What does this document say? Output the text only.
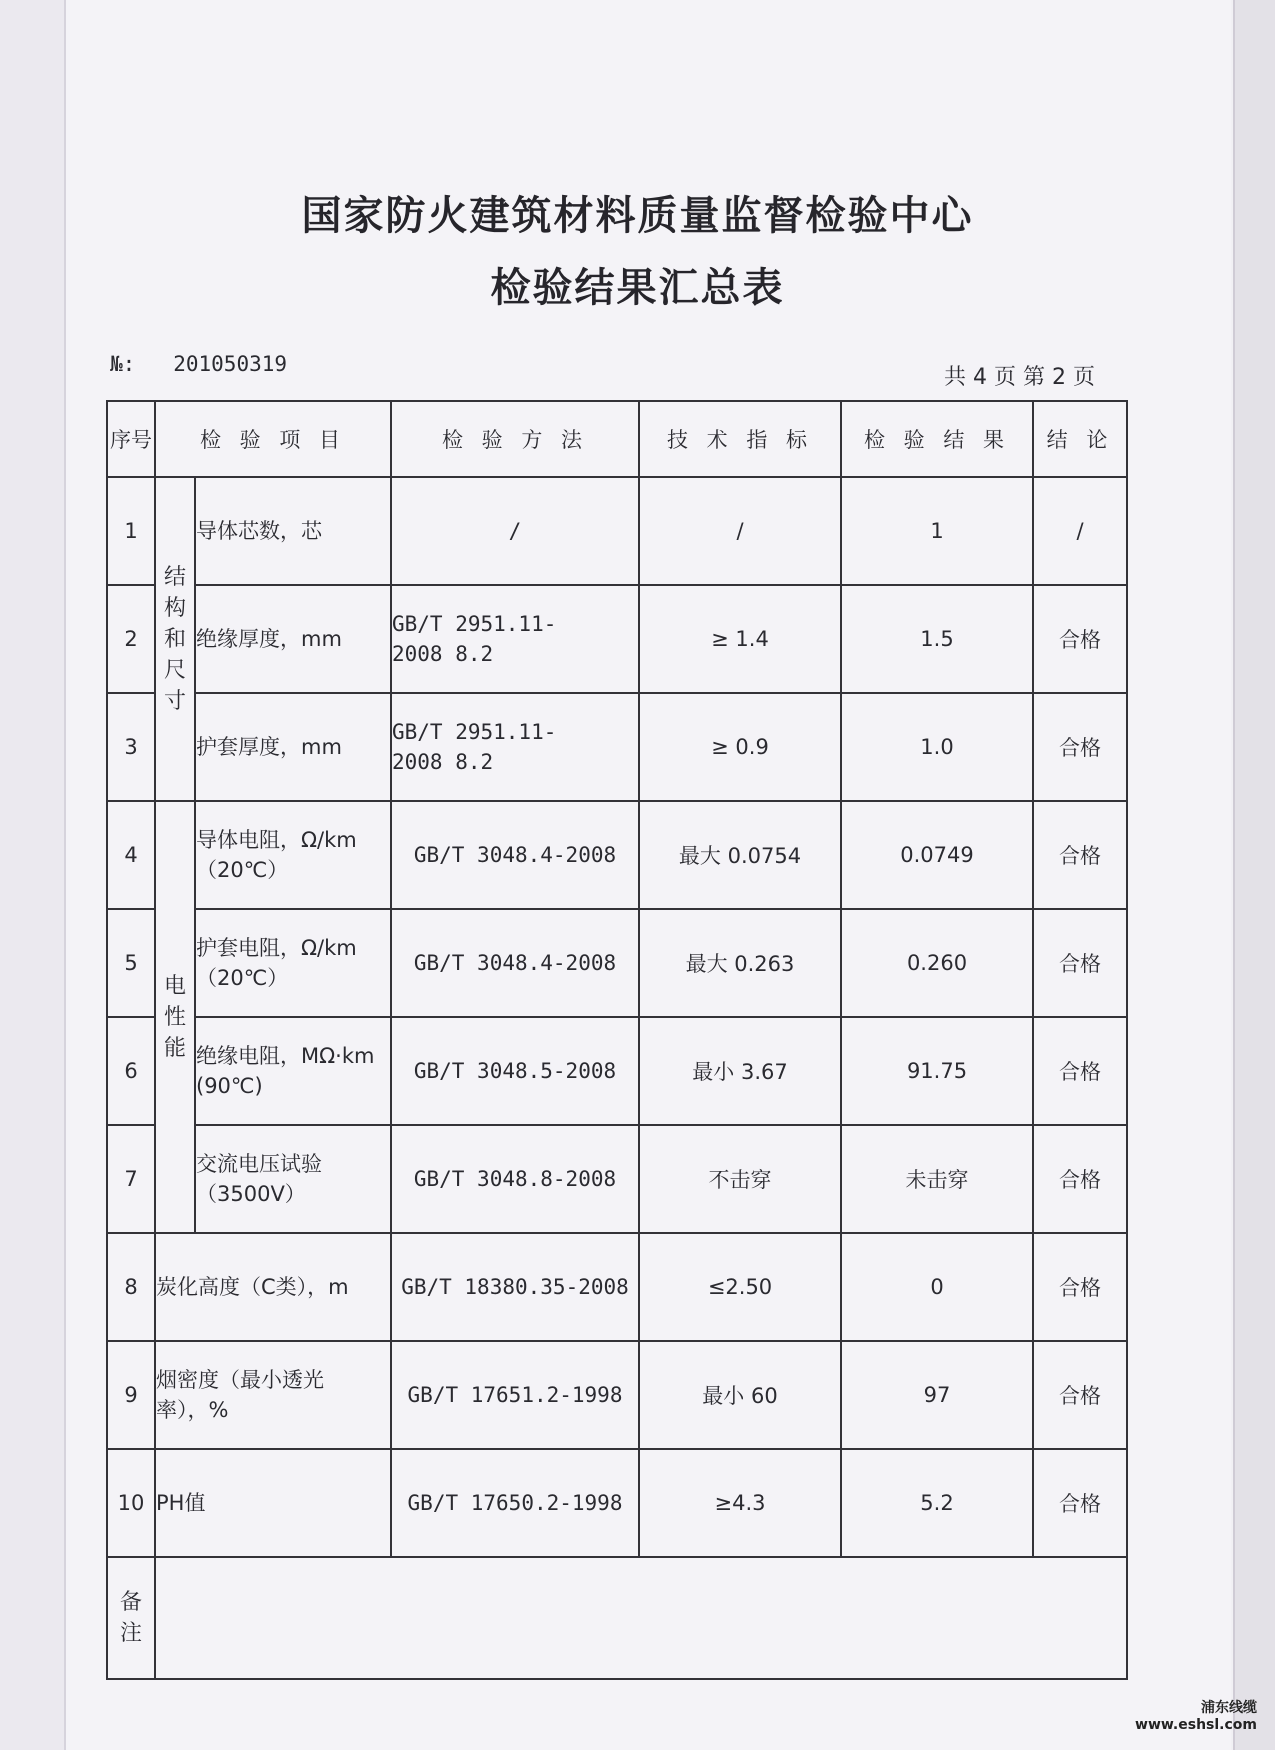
国家防火建筑材料质量监督检验中心
检验结果汇总表
№: 201050319
共 4 页 第 2 页
序号	检 验 项 目		检 验 方 法	技 术 指 标	检 验 结 果	结 论
1	结构和尺寸	导体芯数，芯	/	/	1	/
2		绝缘厚度，mm	GB/T 2951.11-2008 8.2	≥ 1.4	1.5	合格
3		护套厚度，mm	GB/T 2951.11-2008 8.2	≥ 0.9	1.0	合格
4	电性能	导体电阻，Ω/km（20℃）	GB/T 3048.4-2008	最大 0.0754	0.0749	合格
5		护套电阻，Ω/km（20℃）	GB/T 3048.4-2008	最大 0.263	0.260	合格
6		绝缘电阻，MΩ·km (90℃)	GB/T 3048.5-2008	最小 3.67	91.75	合格
7		交流电压试验（3500V）	GB/T 3048.8-2008	不击穿	未击穿	合格
8	炭化高度（C类），m		GB/T 18380.35-2008	≤2.50	0	合格
9	烟密度（最小透光率），%		GB/T 17651.2-1998	最小 60	97	合格
10	PH值		GB/T 17650.2-1998	≥4.3	5.2	合格

备注						

浦东线缆
www.eshsl.com
